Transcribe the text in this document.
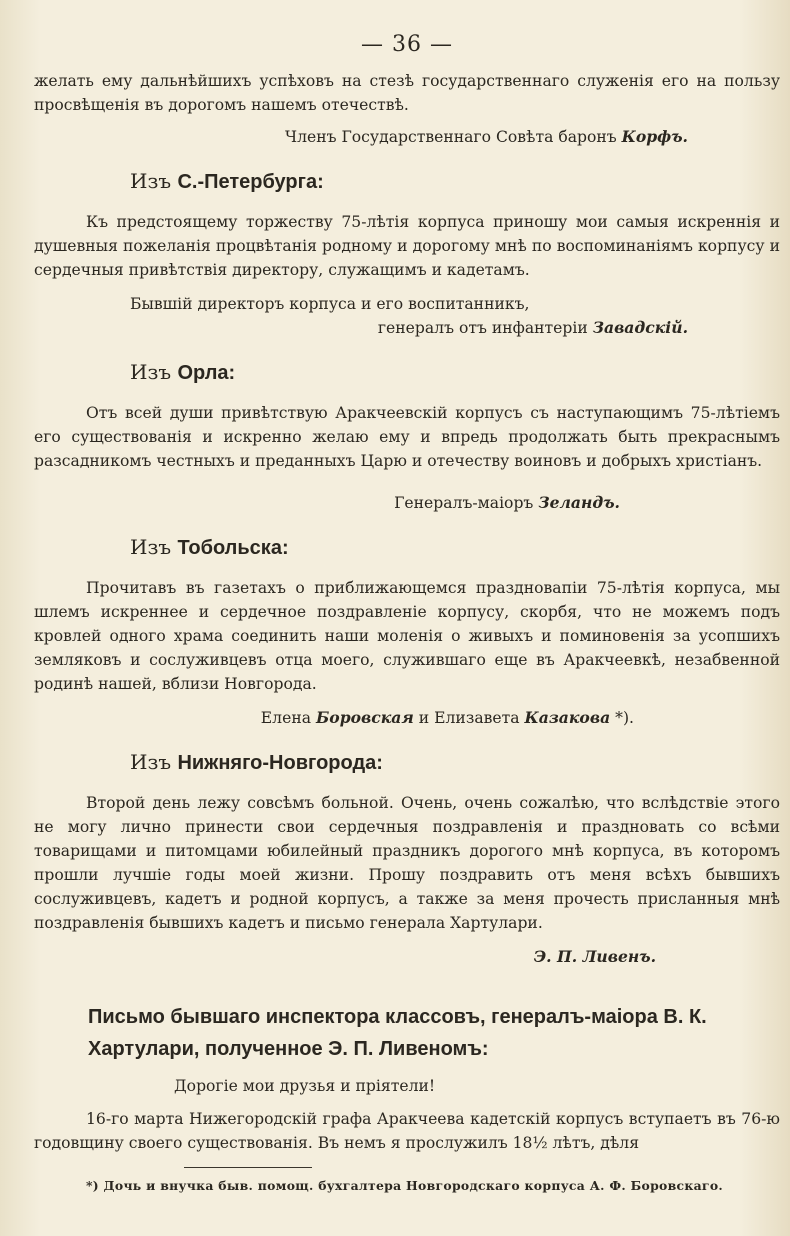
— 36 —

желать ему дальнѣйшихъ успѣховъ на стезѣ государственнаго служенія его на пользу просвѣщенія въ дорогомъ нашемъ отечествѣ.

Членъ Государственнаго Совѣта баронъ Корфъ.
Изъ С.-Петербурга:

Къ предстоящему торжеству 75-лѣтія корпуса приношу мои самыя искреннія и душевныя пожеланія процвѣтанія родному и дорогому мнѣ по воспоминаніямъ корпусу и сердечныя привѣтствія директору, служащимъ и кадетамъ.

Бывшій директоръ корпуса и его воспитанникъ,
генералъ отъ инфантеріи Завадскій.
Изъ Орла:

Отъ всей души привѣтствую Аракчеевскій корпусъ съ наступающимъ 75-лѣтіемъ его существованія и искренно желаю ему и впредь продолжать быть прекраснымъ разсадникомъ честныхъ и преданныхъ Царю и отечеству воиновъ и добрыхъ христіанъ.

Генералъ-маіоръ Зеландъ.
Изъ Тобольска:

Прочитавъ въ газетахъ о приближающемся праздновапіи 75-лѣтія корпуса, мы шлемъ искреннее и сердечное поздравленіе корпусу, скорбя, что не можемъ подъ кровлей одного храма соединить наши моленія о живыхъ и поминовенія за усопшихъ земляковъ и сослуживцевъ отца моего, служившаго еще въ Аракчеевкѣ, незабвенной родинѣ нашей, вблизи Новгорода.

Елена Боровская и Елизавета Казакова *).
Изъ Нижняго-Новгорода:

Второй день лежу совсѣмъ больной. Очень, очень сожалѣю, что вслѣдствіе этого не могу лично принести свои сердечныя поздравленія и праздновать со всѣми товарищами и питомцами юбилейный праздникъ дорогого мнѣ корпуса, въ которомъ прошли лучшіе годы моей жизни. Прошу поздравить отъ меня всѣхъ бывшихъ сослуживцевъ, кадетъ и родной корпусъ, а также за меня прочесть присланныя мнѣ поздравленія бывшихъ кадетъ и письмо генерала Хартулари.

Э. П. Ливенъ.
Письмо бывшаго инспектора классовъ, генералъ-маіора В. К. Хартулари, полученное Э. П. Ливеномъ:
Дорогіе мои друзья и пріятели!

16-го марта Нижегородскій графа Аракчеева кадетскій корпусъ вступаетъ въ 76-ю годовщину своего существованія. Въ немъ я прослужилъ 18½ лѣтъ, дѣля

*) Дочь и внучка быв. помощ. бухгалтера Новгородскаго корпуса А. Ф. Боровскаго.
